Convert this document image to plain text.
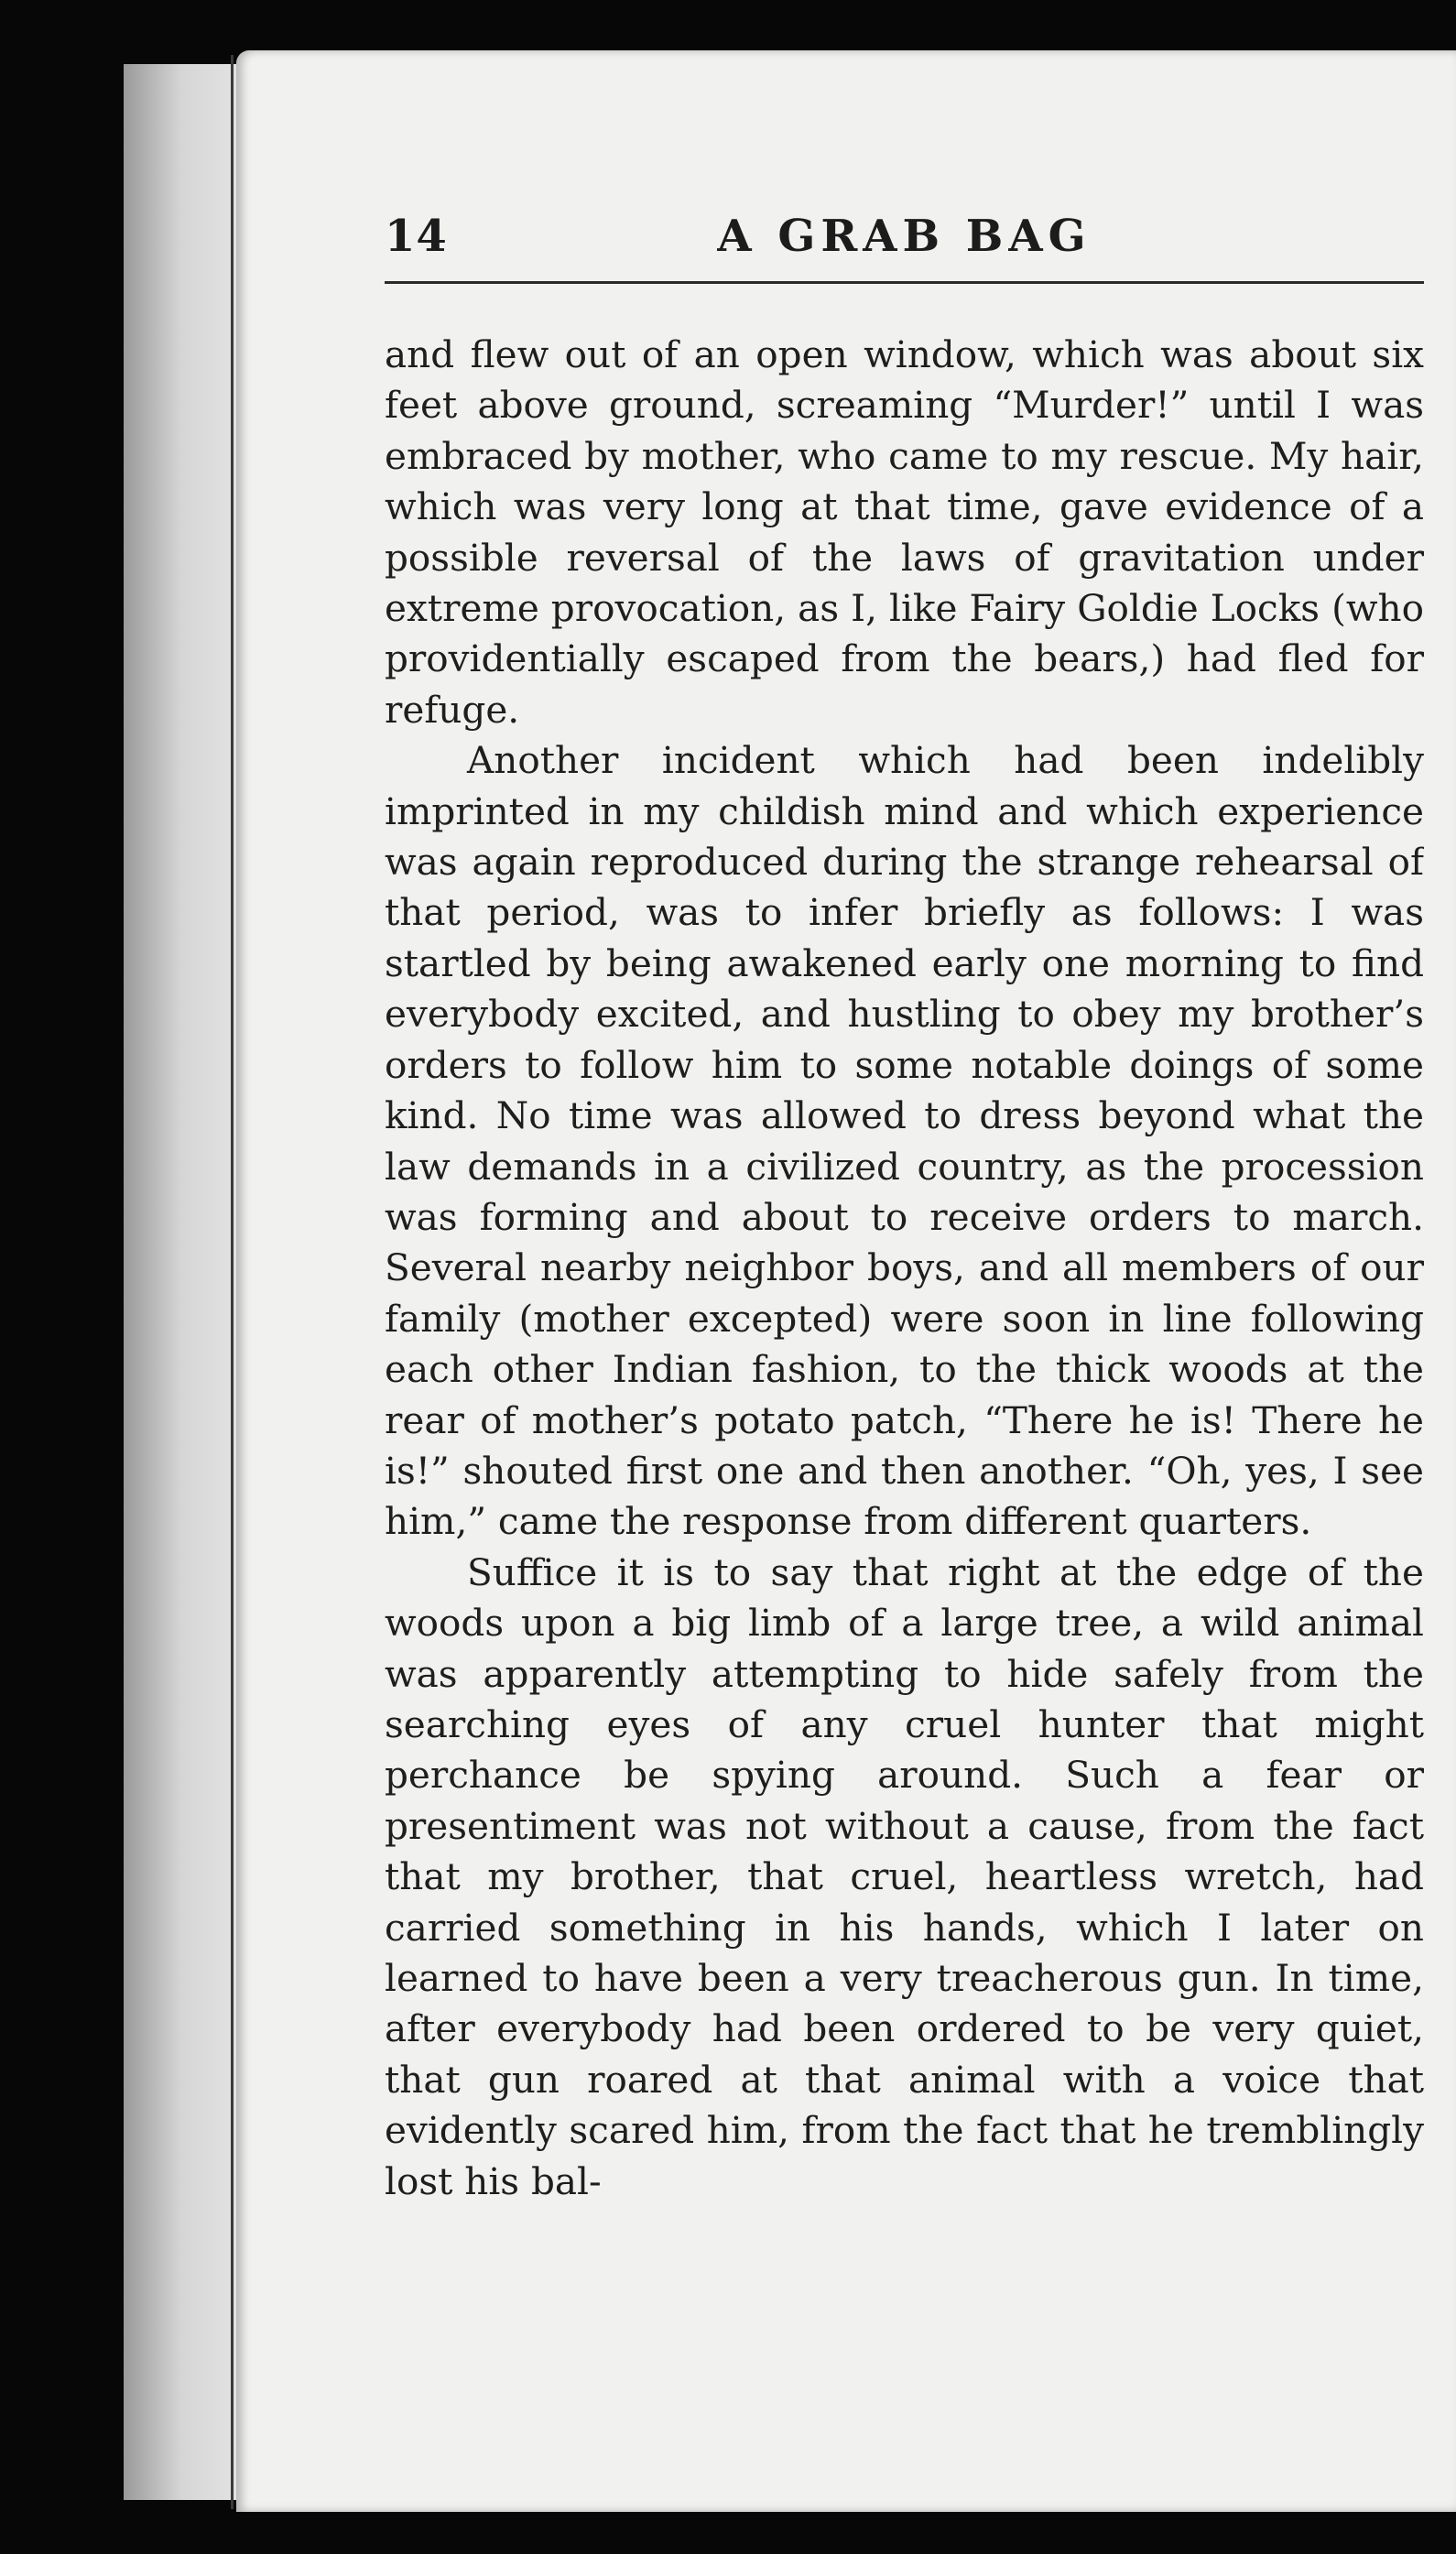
14	A GRAB BAG

and flew out of an open window, which was about six feet above ground, screaming “Murder!” until I was embraced by mother, who came to my rescue. My hair, which was very long at that time, gave evidence of a possible reversal of the laws of gravitation under extreme provocation, as I, like Fairy Goldie Locks (who providentially escaped from the bears,) had fled for refuge.

Another incident which had been indelibly imprinted in my childish mind and which experience was again reproduced during the strange rehearsal of that period, was to infer briefly as follows: I was startled by being awakened early one morning to find everybody excited, and hustling to obey my brother’s orders to follow him to some notable doings of some kind. No time was allowed to dress beyond what the law demands in a civilized country, as the procession was forming and about to receive orders to march. Several nearby neighbor boys, and all members of our family (mother excepted) were soon in line following each other Indian fashion, to the thick woods at the rear of mother’s potato patch, “There he is! There he is!” shouted first one and then another. “Oh, yes, I see him,” came the response from different quarters.

Suffice it is to say that right at the edge of the woods upon a big limb of a large tree, a wild animal was apparently attempting to hide safely from the searching eyes of any cruel hunter that might perchance be spying around. Such a fear or presentiment was not without a cause, from the fact that my brother, that cruel, heartless wretch, had carried something in his hands, which I later on learned to have been a very treacherous gun. In time, after everybody had been ordered to be very quiet, that gun roared at that animal with a voice that evidently scared him, from the fact that he tremblingly lost his bal-
